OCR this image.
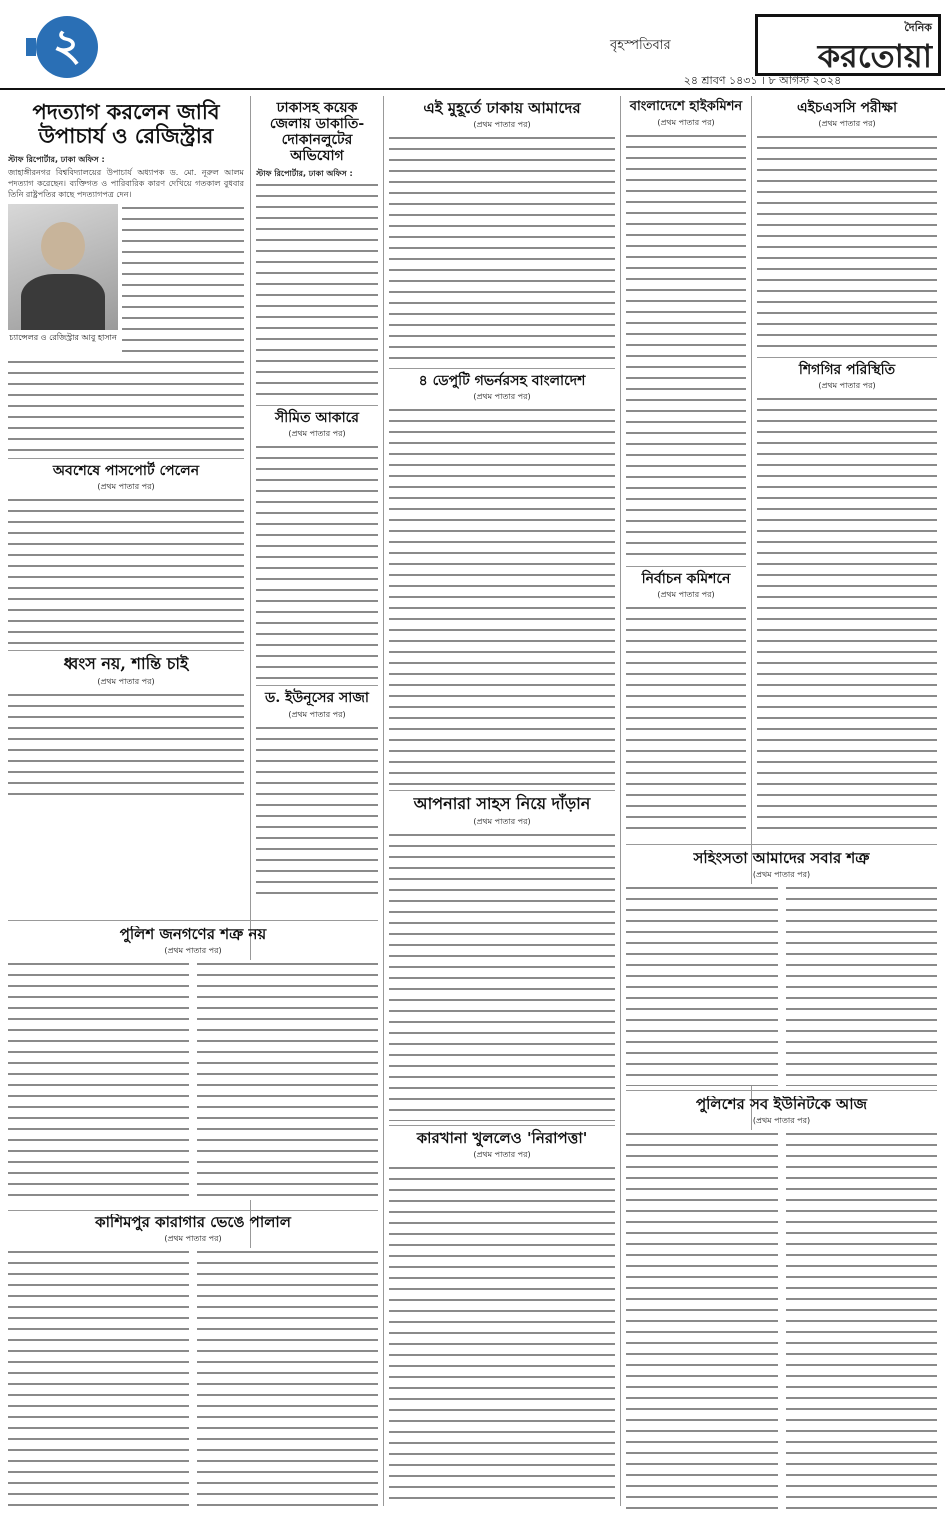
২	বৃহস্পতিবার
দৈনিক
করতোয়া
২৪ শ্রাবণ ১৪৩১ । ৮ আগস্ট ২০২৪
পদত্যাগ করলেন জাবি উপাচার্য ও রেজিস্ট্রার
স্টাফ রিপোর্টার, ঢাকা অফিস :
জাহাঙ্গীরনগর বিশ্ববিদ্যালয়ের উপাচার্য অধ্যাপক ড. মো. নূরুল আলম পদত্যাগ করেছেন। ব্যক্তিগত ও পারিবারিক কারণ দেখিয়ে গতকাল বুধবার তিনি রাষ্ট্রপতির কাছে পদত্যাগপত্র দেন।
চ্যান্সেলর ও রেজিস্ট্রার আবু হাসান
অবশেষে পাসপোর্ট পেলেন
(প্রথম পাতার পর)
ধ্বংস নয়, শান্তি চাই
(প্রথম পাতার পর)
ঢাকাসহ কয়েক জেলায় ডাকাতি-দোকানলুটের অভিযোগ
স্টাফ রিপোর্টার, ঢাকা অফিস :
সীমিত আকারে
(প্রথম পাতার পর)
ড. ইউনূসের সাজা
(প্রথম পাতার পর)
পুলিশ জনগণের শত্রু নয়
(প্রথম পাতার পর)
কাশিমপুর কারাগার ভেঙে পালাল
(প্রথম পাতার পর)
এই মুহূর্তে ঢাকায় আমাদের
(প্রথম পাতার পর)
৪ ডেপুটি গভর্নরসহ বাংলাদেশ
(প্রথম পাতার পর)
আপনারা সাহস নিয়ে দাঁড়ান
(প্রথম পাতার পর)
কারখানা খুললেও 'নিরাপত্তা'
(প্রথম পাতার পর)
বাংলাদেশে হাইকমিশন
(প্রথম পাতার পর)
নির্বাচন কমিশনে
(প্রথম পাতার পর)
এইচএসসি পরীক্ষা
(প্রথম পাতার পর)
শিগগির পরিস্থিতি
(প্রথম পাতার পর)
সহিংসতা আমাদের সবার শত্রু
(প্রথম পাতার পর)
পুলিশের সব ইউনিটকে আজ
(প্রথম পাতার পর)
